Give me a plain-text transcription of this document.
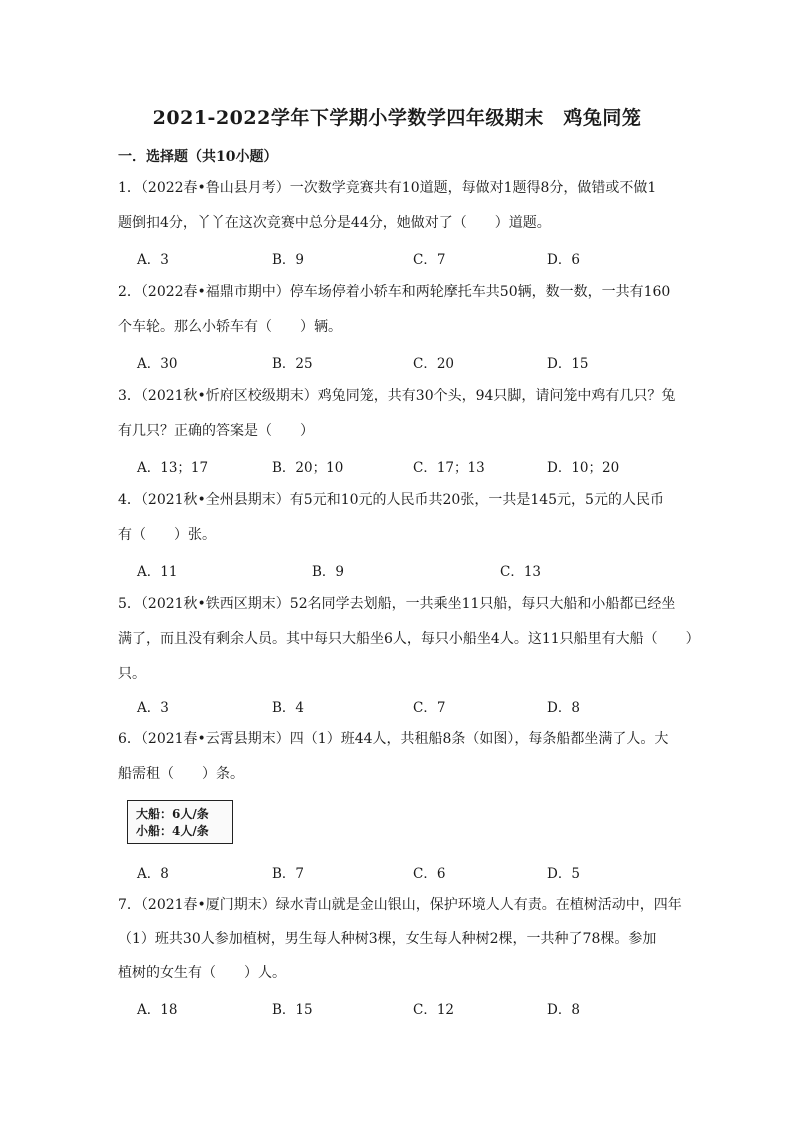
2021-2022学年下学期小学数学四年级期末　鸡兔同笼
一．选择题（共10小题）
1．（2022春•鲁山县月考）一次数学竞赛共有10道题，每做对1题得8分，做错或不做1
题倒扣4分，丫丫在这次竞赛中总分是44分，她做对了（　　）道题。
A．3	B．9	C．7	D．6
2．（2022春•福鼎市期中）停车场停着小轿车和两轮摩托车共50辆，数一数，一共有160
个车轮。那么小轿车有（　　）辆。
A．30	B．25	C．20	D．15
3．（2021秋•忻府区校级期末）鸡兔同笼，共有30个头，94只脚，请问笼中鸡有几只？兔
有几只？正确的答案是（　　）
A．13；17	B．20；10	C．17；13	D．10；20
4．（2021秋•全州县期末）有5元和10元的人民币共20张，一共是145元，5元的人民币
有（　　）张。
A．11	B．9	C．13
5．（2021秋•铁西区期末）52名同学去划船，一共乘坐11只船，每只大船和小船都已经坐
满了，而且没有剩余人员。其中每只大船坐6人，每只小船坐4人。这11只船里有大船（　　）
只。
A．3	B．4	C．7	D．8
6．（2021春•云霄县期末）四（1）班44人，共租船8条（如图），每条船都坐满了人。大
船需租（　　）条。
大船：6人/条
小船：4人/条
A．8	B．7	C．6	D．5
7．（2021春•厦门期末）绿水青山就是金山银山，保护环境人人有责。在植树活动中，四年
（1）班共30人参加植树，男生每人种树3棵，女生每人种树2棵，一共种了78棵。参加
植树的女生有（　　）人。
A．18	B．15	C．12	D．8
